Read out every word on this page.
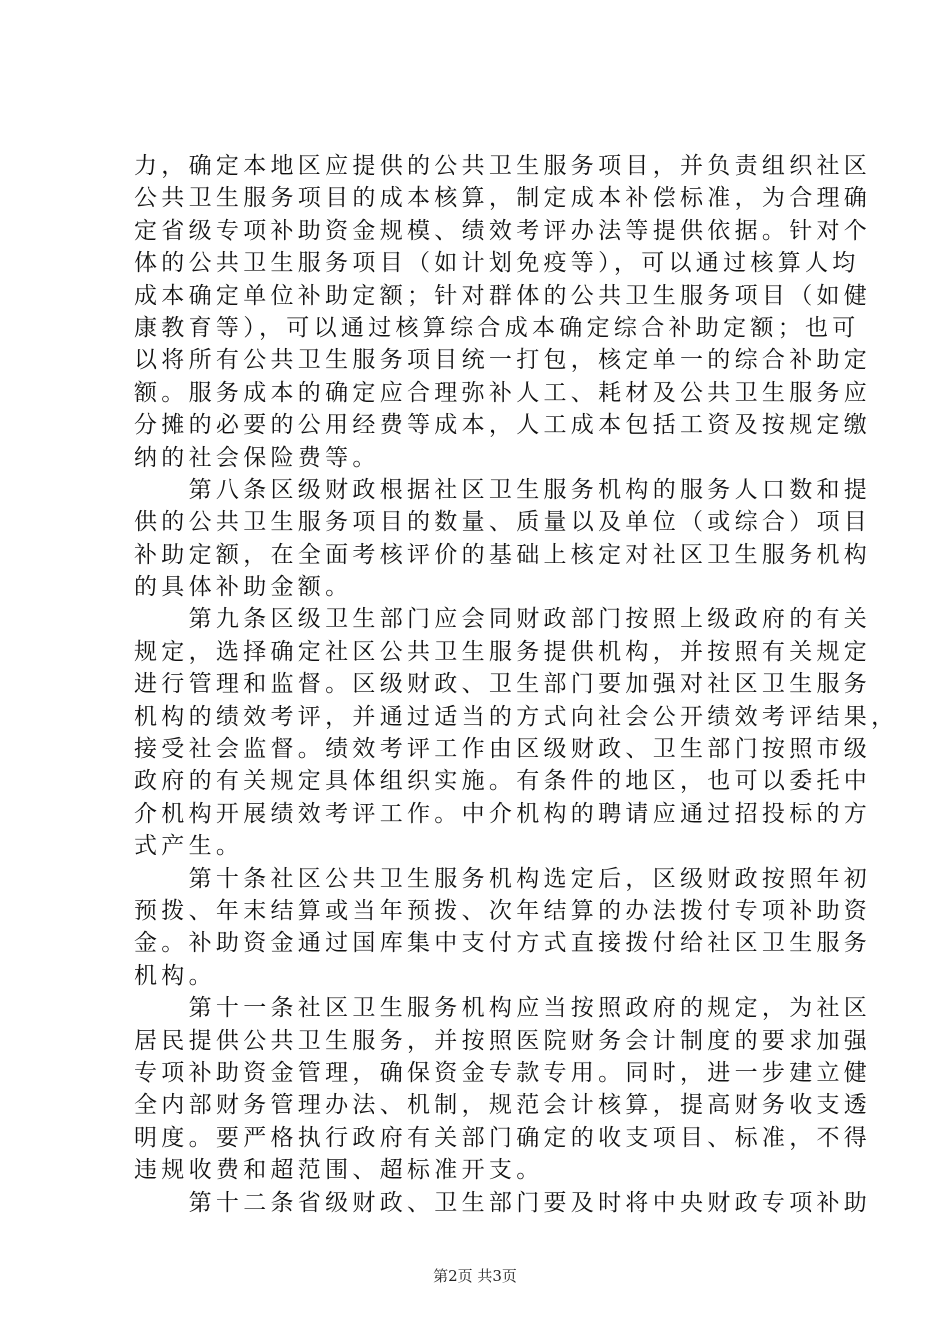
力，确定本地区应提供的公共卫生服务项目，并负责组织社区
公共卫生服务项目的成本核算，制定成本补偿标准，为合理确
定省级专项补助资金规模、绩效考评办法等提供依据。针对个
体的公共卫生服务项目（如计划免疫等），可以通过核算人均
成本确定单位补助定额；针对群体的公共卫生服务项目（如健
康教育等），可以通过核算综合成本确定综合补助定额；也可
以将所有公共卫生服务项目统一打包，核定单一的综合补助定
额。服务成本的确定应合理弥补人工、耗材及公共卫生服务应
分摊的必要的公用经费等成本，人工成本包括工资及按规定缴
纳的社会保险费等。
　　第八条区级财政根据社区卫生服务机构的服务人口数和提
供的公共卫生服务项目的数量、质量以及单位（或综合）项目
补助定额，在全面考核评价的基础上核定对社区卫生服务机构
的具体补助金额。
　　第九条区级卫生部门应会同财政部门按照上级政府的有关
规定，选择确定社区公共卫生服务提供机构，并按照有关规定
进行管理和监督。区级财政、卫生部门要加强对社区卫生服务
机构的绩效考评，并通过适当的方式向社会公开绩效考评结果，
接受社会监督。绩效考评工作由区级财政、卫生部门按照市级
政府的有关规定具体组织实施。有条件的地区，也可以委托中
介机构开展绩效考评工作。中介机构的聘请应通过招投标的方
式产生。
　　第十条社区公共卫生服务机构选定后，区级财政按照年初
预拨、年末结算或当年预拨、次年结算的办法拨付专项补助资
金。补助资金通过国库集中支付方式直接拨付给社区卫生服务
机构。
　　第十一条社区卫生服务机构应当按照政府的规定，为社区
居民提供公共卫生服务，并按照医院财务会计制度的要求加强
专项补助资金管理，确保资金专款专用。同时，进一步建立健
全内部财务管理办法、机制，规范会计核算，提高财务收支透
明度。要严格执行政府有关部门确定的收支项目、标准，不得
违规收费和超范围、超标准开支。
　　第十二条省级财政、卫生部门要及时将中央财政专项补助
第2页 共3页
